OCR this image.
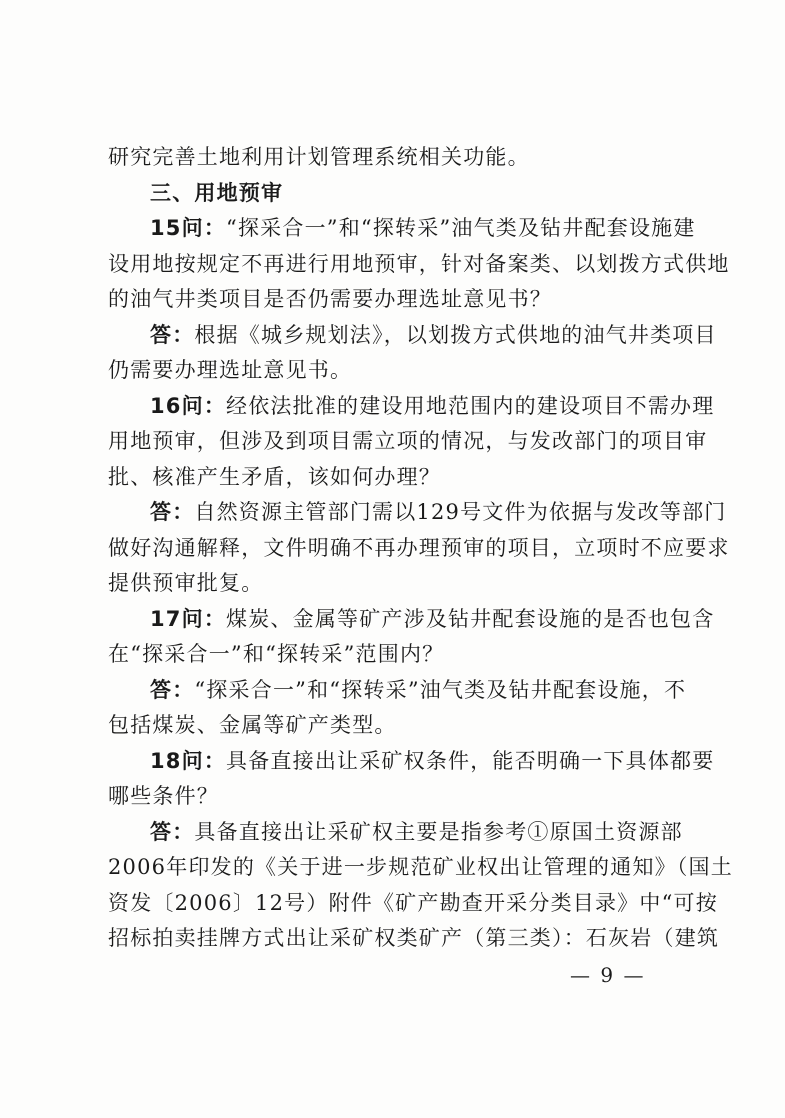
研究完善土地利用计划管理系统相关功能。

三、用地预审

15问：“探采合一”和“探转采”油气类及钻井配套设施建

设用地按规定不再进行用地预审，针对备案类、以划拨方式供地

的油气井类项目是否仍需要办理选址意见书？

答：根据《城乡规划法》，以划拨方式供地的油气井类项目

仍需要办理选址意见书。

16问：经依法批准的建设用地范围内的建设项目不需办理

用地预审，但涉及到项目需立项的情况，与发改部门的项目审

批、核准产生矛盾，该如何办理？

答：自然资源主管部门需以129号文件为依据与发改等部门

做好沟通解释，文件明确不再办理预审的项目，立项时不应要求

提供预审批复。

17问：煤炭、金属等矿产涉及钻井配套设施的是否也包含

在“探采合一”和“探转采”范围内？

答：“探采合一”和“探转采”油气类及钻井配套设施，不

包括煤炭、金属等矿产类型。

18问：具备直接出让采矿权条件，能否明确一下具体都要

哪些条件？

答：具备直接出让采矿权主要是指参考①原国土资源部

2006年印发的《关于进一步规范矿业权出让管理的通知》（国土

资发〔2006〕12号）附件《矿产勘查开采分类目录》中“可按

招标拍卖挂牌方式出让采矿权类矿产（第三类）：石灰岩（建筑

— 9 —
